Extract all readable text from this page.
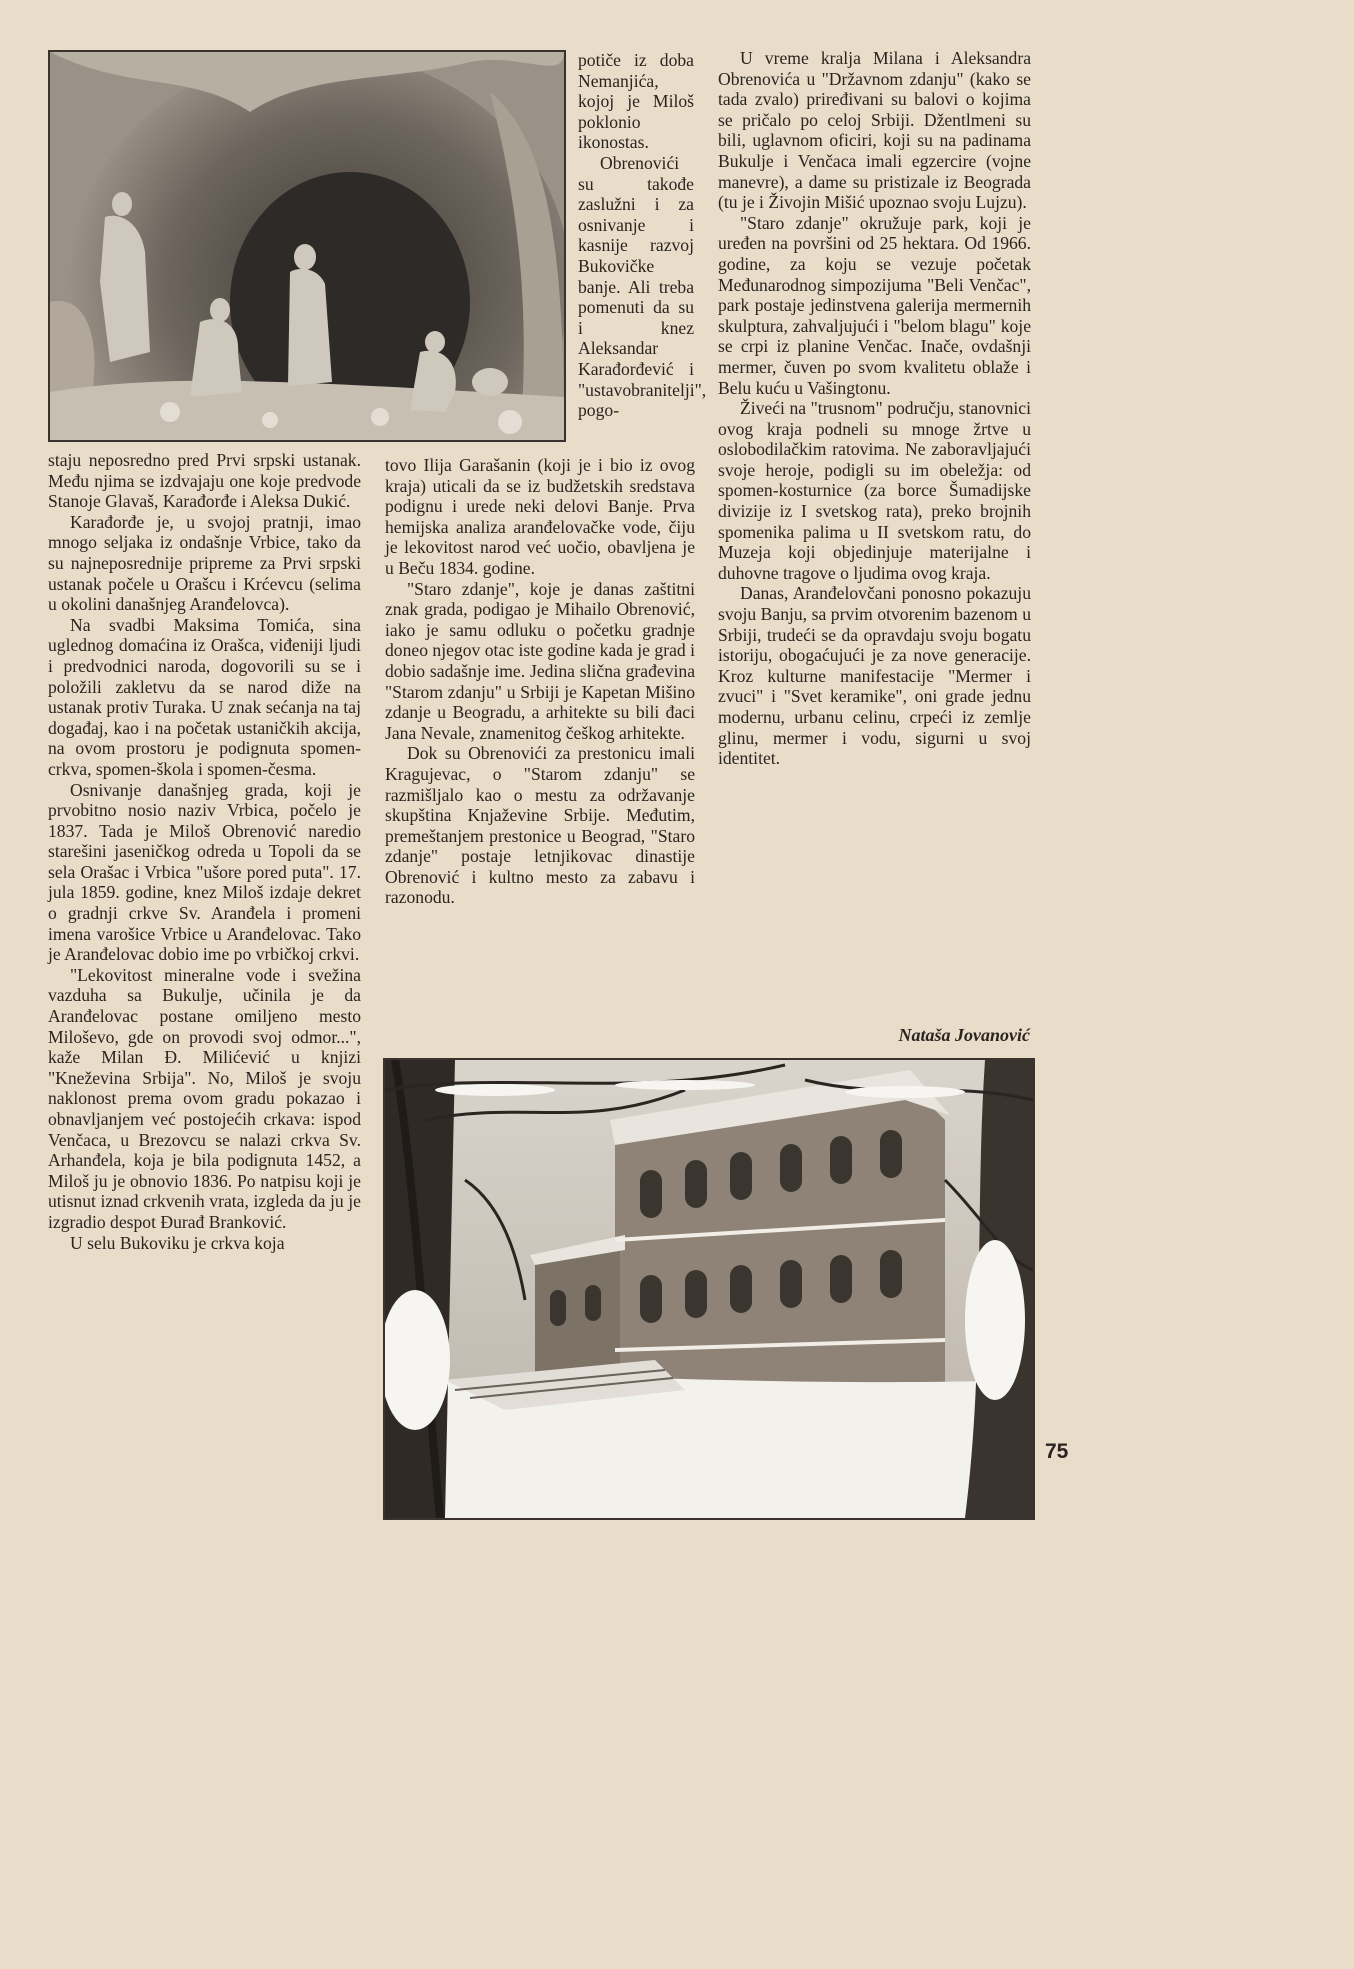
potiče iz doba Nemanjića, kojoj je Miloš poklonio ikonostas.

Obrenovići su takođe zaslužni i za osnivanje i kasnije razvoj Bukovičke banje. Ali treba pomenuti da su i knez Aleksandar Karađorđević i "ustavobranitelji", pogo-

staju neposredno pred Prvi srpski ustanak. Među njima se izdvajaju one koje predvode Stanoje Glavaš, Karađorđe i Aleksa Dukić.

Karađorđe je, u svojoj pratnji, imao mnogo seljaka iz ondašnje Vrbice, tako da su najneposrednije pripreme za Prvi srpski ustanak počele u Orašcu i Krćevcu (selima u okolini današnjeg Aranđelovca).

Na svadbi Maksima Tomića, sina uglednog domaćina iz Orašca, viđeniji ljudi i predvodnici naroda, dogovorili su se i položili zakletvu da se narod diže na ustanak protiv Turaka. U znak sećanja na taj događaj, kao i na početak ustaničkih akcija, na ovom prostoru je podignuta spomen-crkva, spomen-škola i spomen-česma.

Osnivanje današnjeg grada, koji je prvobitno nosio naziv Vrbica, počelo je 1837. Tada je Miloš Obrenović naredio starešini jaseničkog odreda u Topoli da se sela Orašac i Vrbica "ušore pored puta". 17. jula 1859. godine, knez Miloš izdaje dekret o gradnji crkve Sv. Aranđela i promeni imena varošice Vrbice u Aranđelovac. Tako je Aranđelovac dobio ime po vrbičkoj crkvi.

"Lekovitost mineralne vode i svežina vazduha sa Bukulje, učinila je da Aranđelovac postane omiljeno mesto Miloševo, gde on provodi svoj odmor...", kaže Milan Đ. Milićević u knjizi "Kneževina Srbija". No, Miloš je svoju naklonost prema ovom gradu pokazao i obnavljanjem već postojećih crkava: ispod Venčaca, u Brezovcu se nalazi crkva Sv. Arhanđela, koja je bila podignuta 1452, a Miloš ju je obnovio 1836. Po natpisu koji je utisnut iznad crkvenih vrata, izgleda da ju je izgradio despot Đurađ Branković.

U selu Bukoviku je crkva koja

tovo Ilija Garašanin (koji je i bio iz ovog kraja) uticali da se iz budžetskih sredstava podignu i urede neki delovi Banje. Prva hemijska analiza aranđelovačke vode, čiju je lekovitost narod već uočio, obavljena je u Beču 1834. godine.

"Staro zdanje", koje je danas zaštitni znak grada, podigao je Mihailo Obrenović, iako je samu odluku o početku gradnje doneo njegov otac iste godine kada je grad i dobio sadašnje ime. Jedina slična građevina "Starom zdanju" u Srbiji je Kapetan Mišino zdanje u Beogradu, a arhitekte su bili đaci Jana Nevale, znamenitog češkog arhitekte.

Dok su Obrenovići za prestonicu imali Kragujevac, o "Starom zdanju" se razmišljalo kao o mestu za održavanje skupština Knjaževine Srbije. Međutim, premeštanjem prestonice u Beograd, "Staro zdanje" postaje letnjikovac dinastije Obrenović i kultno mesto za zabavu i razonodu.

U vreme kralja Milana i Aleksandra Obrenovića u "Državnom zdanju" (kako se tada zvalo) priređivani su balovi o kojima se pričalo po celoj Srbiji. Džentlmeni su bili, uglavnom oficiri, koji su na padinama Bukulje i Venčaca imali egzercire (vojne manevre), a dame su pristizale iz Beograda (tu je i Živojin Mišić upoznao svoju Lujzu).

"Staro zdanje" okružuje park, koji je uređen na površini od 25 hektara. Od 1966. godine, za koju se vezuje početak Međunarodnog simpozijuma "Beli Venčac", park postaje jedinstvena galerija mermernih skulptura, zahvaljujući i "belom blagu" koje se crpi iz planine Venčac. Inače, ovdašnji mermer, čuven po svom kvalitetu oblaže i Belu kuću u Vašingtonu.

Živeći na "trusnom" području, stanovnici ovog kraja podneli su mnoge žrtve u oslobodilačkim ratovima. Ne zaboravljajući svoje heroje, podigli su im obeležja: od spomen-kosturnice (za borce Šumadijske divizije iz I svetskog rata), preko brojnih spomenika palima u II svetskom ratu, do Muzeja koji objedinjuje materijalne i duhovne tragove o ljudima ovog kraja.

Danas, Aranđelovčani ponosno pokazuju svoju Banju, sa prvim otvorenim bazenom u Srbiji, trudeći se da opravdaju svoju bogatu istoriju, obogaćujući je za nove generacije. Kroz kulturne manifestacije "Mermer i zvuci" i "Svet keramike", oni grade jednu modernu, urbanu celinu, crpeći iz zemlje glinu, mermer i vodu, sigurni u svoj identitet.

Nataša Jovanović
75
